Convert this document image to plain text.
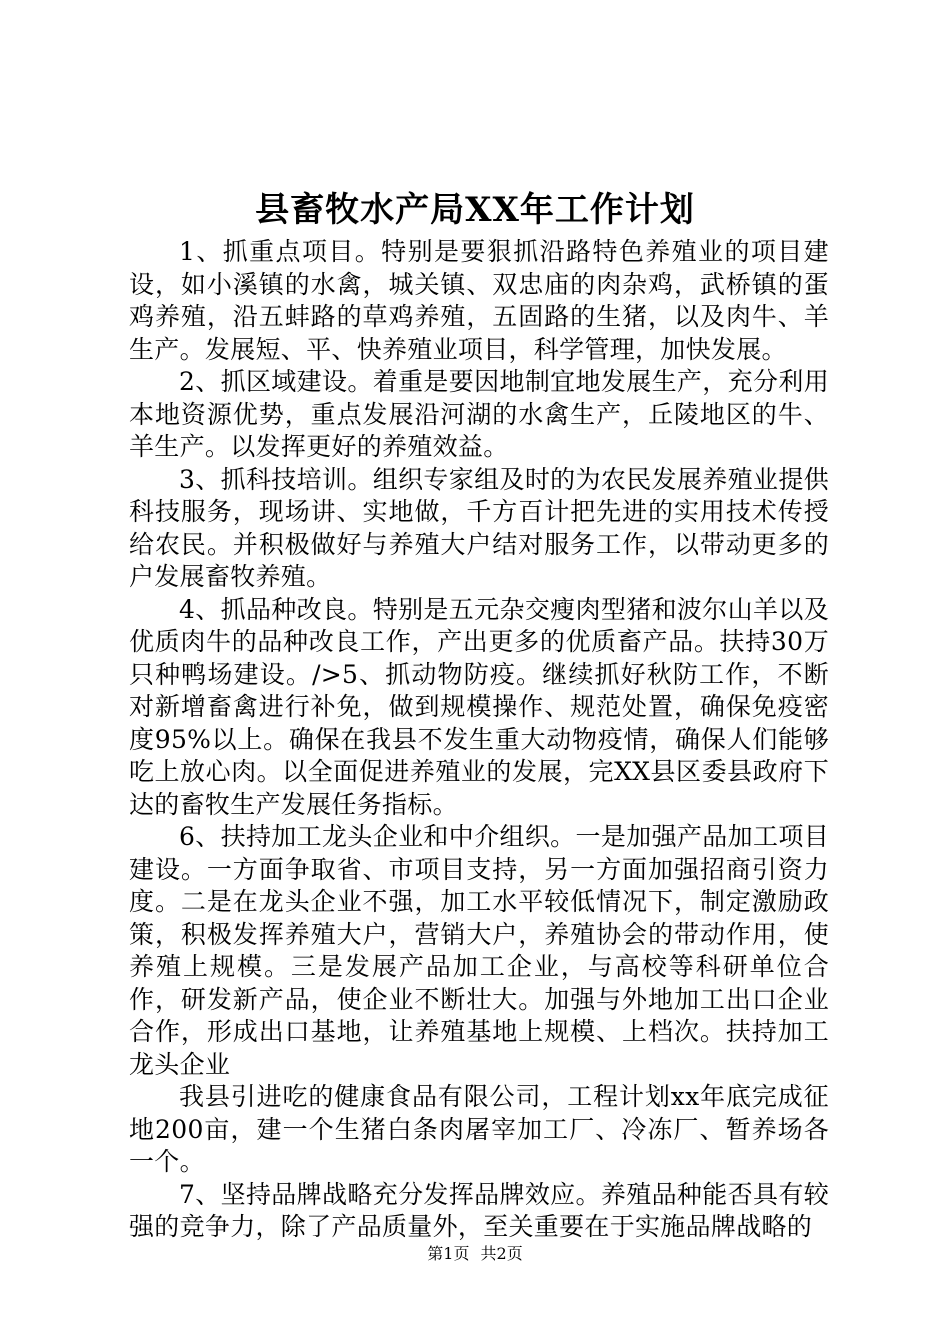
县畜牧水产局XX年工作计划

1、抓重点项目。特别是要狠抓沿路特色养殖业的项目建设，如小溪镇的水禽，城关镇、双忠庙的肉杂鸡，武桥镇的蛋鸡养殖，沿五蚌路的草鸡养殖，五固路的生猪，以及肉牛、羊生产。发展短、平、快养殖业项目，科学管理，加快发展。

2、抓区域建设。着重是要因地制宜地发展生产，充分利用本地资源优势，重点发展沿河湖的水禽生产，丘陵地区的牛、羊生产。以发挥更好的养殖效益。

3、抓科技培训。组织专家组及时的为农民发展养殖业提供科技服务，现场讲、实地做，千方百计把先进的实用技术传授给农民。并积极做好与养殖大户结对服务工作，以带动更多的户发展畜牧养殖。

4、抓品种改良。特别是五元杂交瘦肉型猪和波尔山羊以及优质肉牛的品种改良工作，产出更多的优质畜产品。扶持30万只种鸭场建设。/>5、抓动物防疫。继续抓好秋防工作，不断对新增畜禽进行补免，做到规模操作、规范处置，确保免疫密度95%以上。确保在我县不发生重大动物疫情，确保人们能够吃上放心肉。以全面促进养殖业的发展，完XX县区委县政府下达的畜牧生产发展任务指标。

6、扶持加工龙头企业和中介组织。一是加强产品加工项目建设。一方面争取省、市项目支持，另一方面加强招商引资力度。二是在龙头企业不强，加工水平较低情况下，制定激励政策，积极发挥养殖大户，营销大户，养殖协会的带动作用，使养殖上规模。三是发展产品加工企业，与高校等科研单位合作，研发新产品，使企业不断壮大。加强与外地加工出口企业合作，形成出口基地，让养殖基地上规模、上档次。扶持加工龙头企业

我县引进吃的健康食品有限公司，工程计划xx年底完成征地200亩，建一个生猪白条肉屠宰加工厂、冷冻厂、暂养场各一个。

7、坚持品牌战略充分发挥品牌效应。养殖品种能否具有较强的竞争力，除了产品质量外，至关重要在于实施品牌战略的

第1页 共2页
